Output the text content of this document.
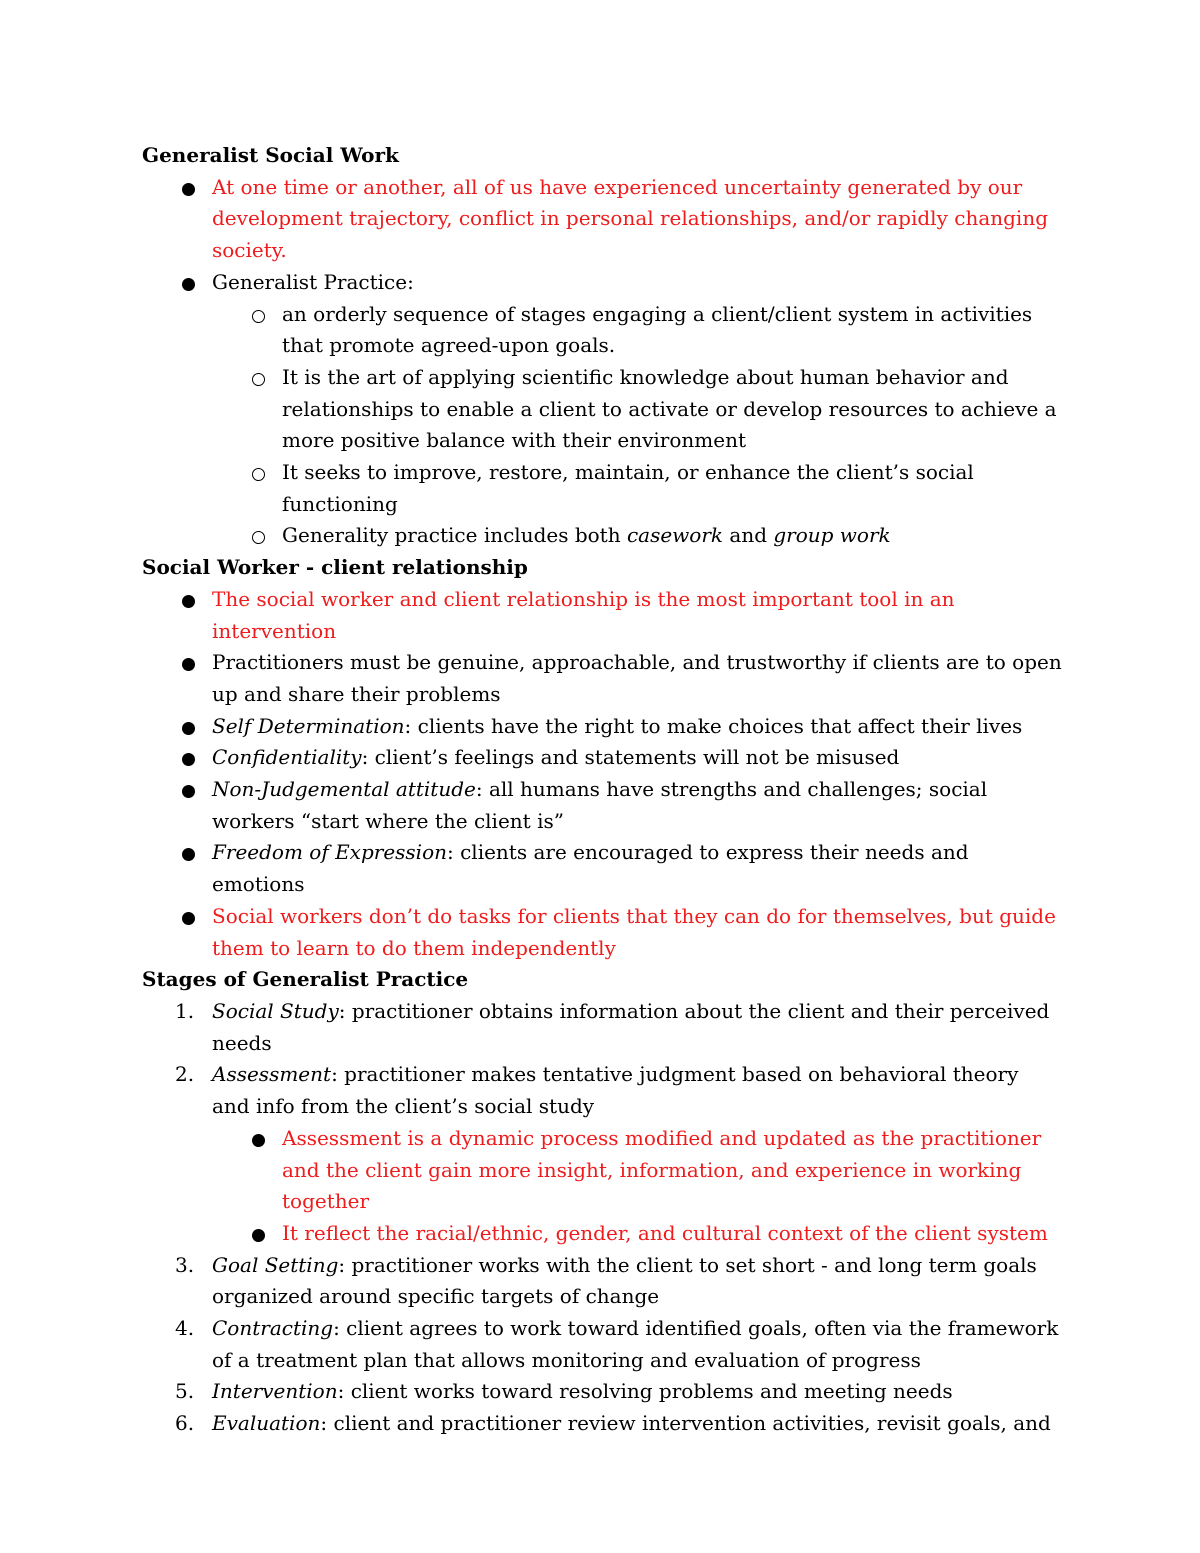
Generalist Social Work

At one time or another, all of us have experienced uncertainty generated by our development trajectory, conflict in personal relationships, and/or rapidly changing society.
Generalist Practice:
an orderly sequence of stages engaging a client/client system in activities that promote agreed-upon goals.
It is the art of applying scientific knowledge about human behavior and relationships to enable a client to activate or develop resources to achieve a more positive balance with their environment
It seeks to improve, restore, maintain, or enhance the client’s social functioning
Generality practice includes both casework and group work

Social Worker - client relationship

The social worker and client relationship is the most important tool in an intervention
Practitioners must be genuine, approachable, and trustworthy if clients are to open up and share their problems
Self Determination: clients have the right to make choices that affect their lives
Confidentiality: client’s feelings and statements will not be misused
Non-Judgemental attitude: all humans have strengths and challenges; social workers “start where the client is”
Freedom of Expression: clients are encouraged to express their needs and emotions
Social workers don’t do tasks for clients that they can do for themselves, but guide them to learn to do them independently

Stages of Generalist Practice

1. Social Study: practitioner obtains information about the client and their perceived needs
2. Assessment: practitioner makes tentative judgment based on behavioral theory and info from the client’s social study
Assessment is a dynamic process modified and updated as the practitioner and the client gain more insight, information, and experience in working together
It reflect the racial/ethnic, gender, and cultural context of the client system
3. Goal Setting: practitioner works with the client to set short - and long term goals organized around specific targets of change
4. Contracting: client agrees to work toward identified goals, often via the framework of a treatment plan that allows monitoring and evaluation of progress
5. Intervention: client works toward resolving problems and meeting needs
6. Evaluation: client and practitioner review intervention activities, revisit goals, and
